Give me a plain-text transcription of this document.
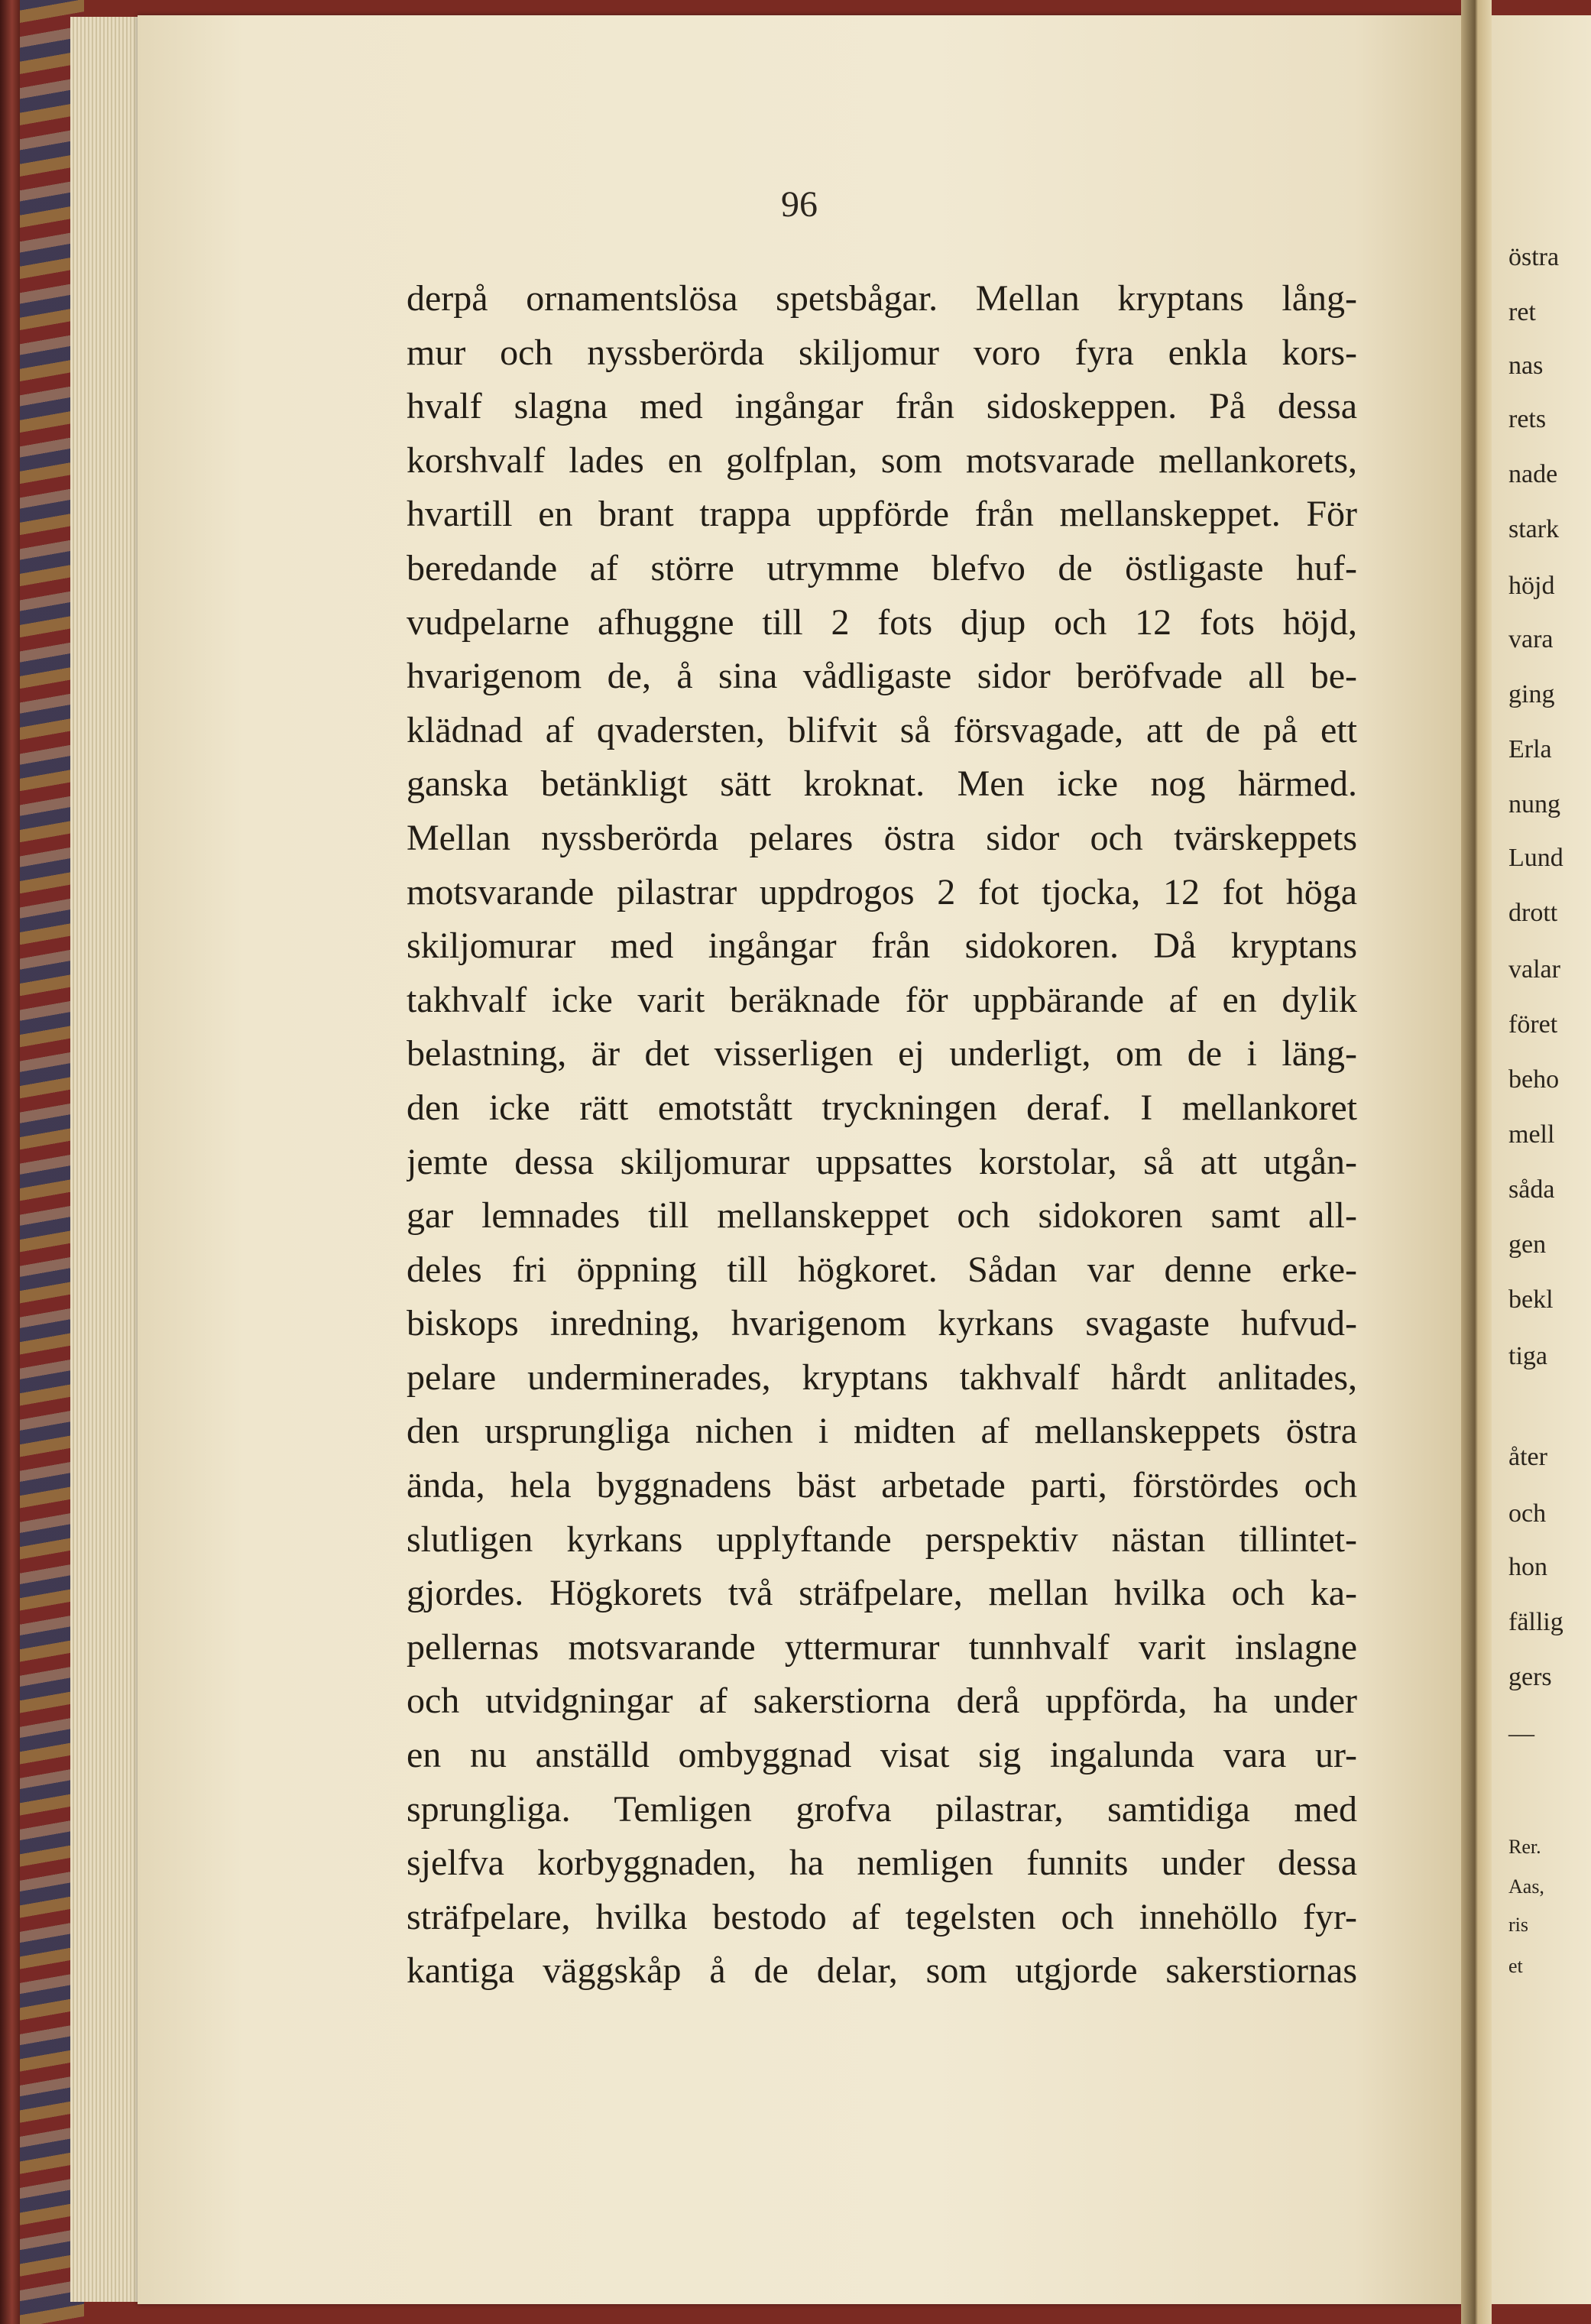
96
derpå ornamentslösa spetsbågar. Mellan kryptans lång-
mur och nyssberörda skiljomur voro fyra enkla kors-
hvalf slagna med ingångar från sidoskeppen. På dessa
korshvalf lades en golfplan, som motsvarade mellankorets,
hvartill en brant trappa uppförde från mellanskeppet. För
beredande af större utrymme blefvo de östligaste huf-
vudpelarne afhuggne till 2 fots djup och 12 fots höjd,
hvarigenom de, å sina vådligaste sidor beröfvade all be-
klädnad af qvadersten, blifvit så försvagade, att de på ett
ganska betänkligt sätt kroknat. Men icke nog härmed.
Mellan nyssberörda pelares östra sidor och tvärskeppets
motsvarande pilastrar uppdrogos 2 fot tjocka, 12 fot höga
skiljomurar med ingångar från sidokoren. Då kryptans
takhvalf icke varit beräknade för uppbärande af en dylik
belastning, är det visserligen ej underligt, om de i läng-
den icke rätt emotstått tryckningen deraf. I mellankoret
jemte dessa skiljomurar uppsattes korstolar, så att utgån-
gar lemnades till mellanskeppet och sidokoren samt all-
deles fri öppning till högkoret. Sådan var denne erke-
biskops inredning, hvarigenom kyrkans svagaste hufvud-
pelare underminerades, kryptans takhvalf hårdt anlitades,
den ursprungliga nichen i midten af mellanskeppets östra
ända, hela byggnadens bäst arbetade parti, förstördes och
slutligen kyrkans upplyftande perspektiv nästan tillintet-
gjordes. Högkorets två sträfpelare, mellan hvilka och ka-
pellernas motsvarande yttermurar tunnhvalf varit inslagne
och utvidgningar af sakerstiorna derå uppförda, ha under
en nu anställd ombyggnad visat sig ingalunda vara ur-
sprungliga. Temligen grofva pilastrar, samtidiga med
sjelfva korbyggnaden, ha nemligen funnits under dessa
sträfpelare, hvilka bestodo af tegelsten och innehöllo fyr-
kantiga väggskåp å de delar, som utgjorde sakerstiornas
östra
ret
nas
rets
nade
stark
höjd
vara
ging
Erla
nung
Lund
drott
valar
föret
beho
mell
såda
gen
bekl
tiga
åter
och
hon
fällig
gers
—
Rer.
Aas,
ris
et
